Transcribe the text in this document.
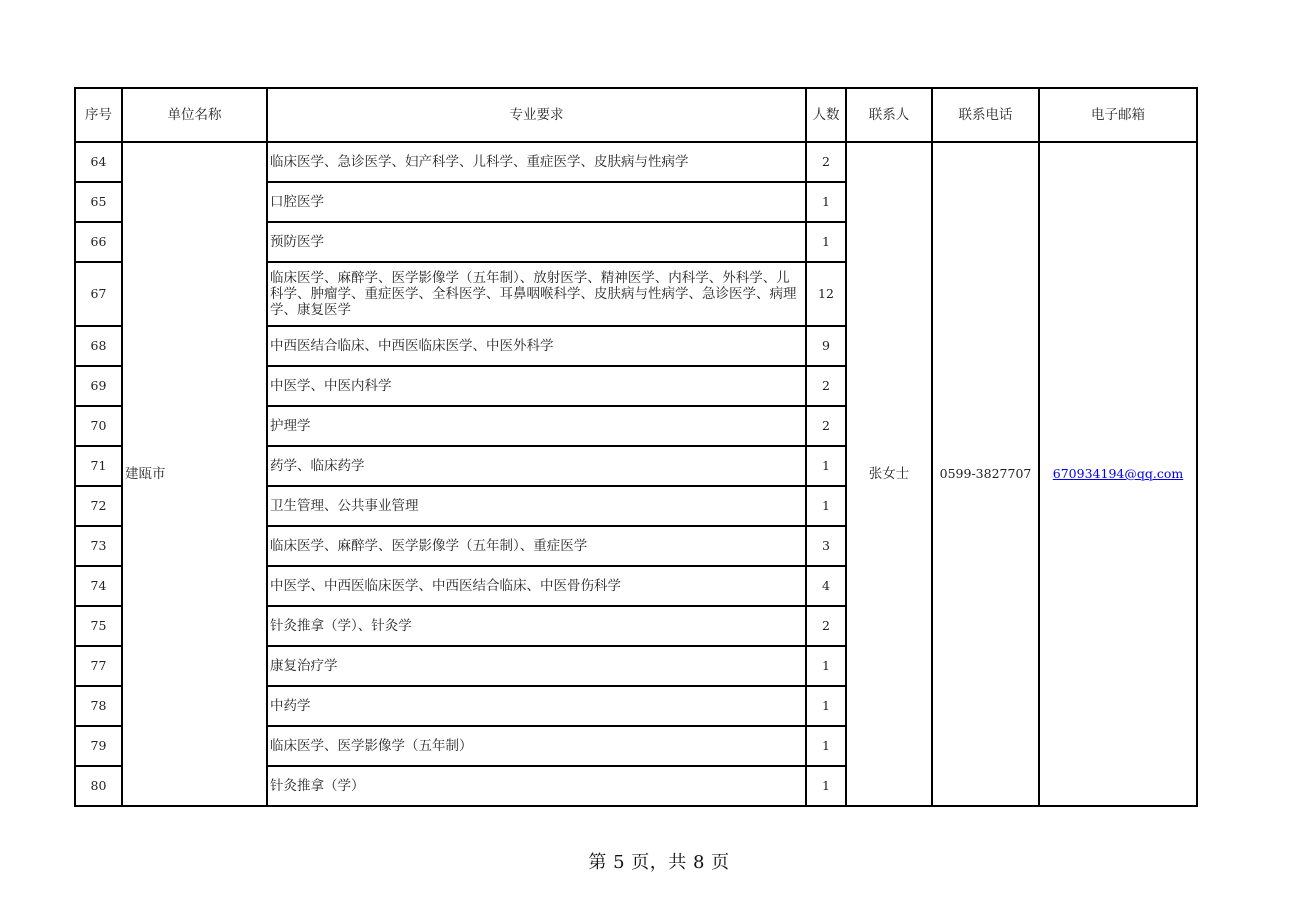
序号	单位名称	专业要求	人数	联系人	联系电话	电子邮箱
64	建瓯市	临床医学、急诊医学、妇产科学、儿科学、重症医学、皮肤病与性病学	2	张女士	0599-3827707	670934194@qq.com
65		口腔医学	1			
66		预防医学	1			
67		临床医学、麻醉学、医学影像学（五年制）、放射医学、精神医学、内科学、外科学、儿科学、肿瘤学、重症医学、全科医学、耳鼻咽喉科学、皮肤病与性病学、急诊医学、病理学、康复医学	12			
68		中西医结合临床、中西医临床医学、中医外科学	9			
69		中医学、中医内科学	2			
70		护理学	2			
71		药学、临床药学	1			
72		卫生管理、公共事业管理	1			
73		临床医学、麻醉学、医学影像学（五年制）、重症医学	3			
74		中医学、中西医临床医学、中西医结合临床、中医骨伤科学	4			
75		针灸推拿（学）、针灸学	2			
77		康复治疗学	1			
78		中药学	1			
79		临床医学、医学影像学（五年制）	1			
80		针灸推拿（学）	1			
第 5 页，共 8 页
